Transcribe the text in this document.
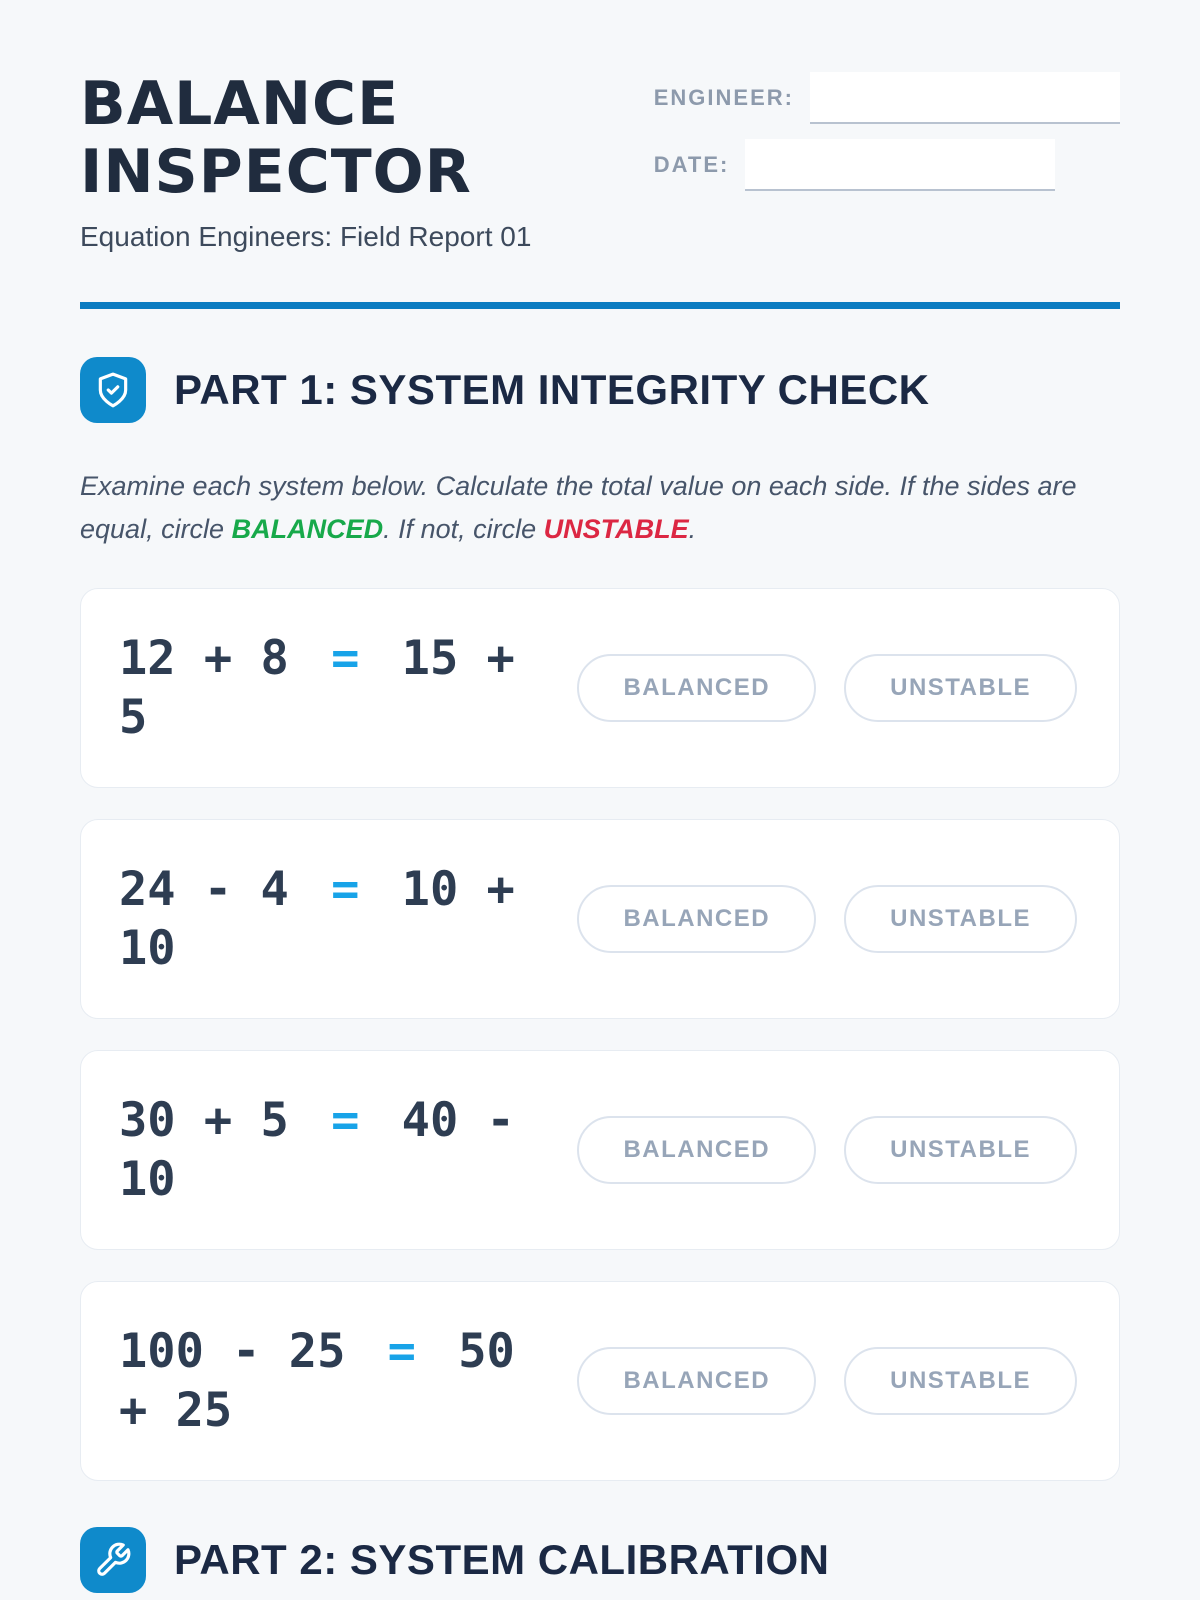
BALANCE
INSPECTOR

Equation Engineers: Field Report 01

ENGINEER:
DATE:
PART 1: SYSTEM INTEGRITY CHECK

Examine each system below. Calculate the total value on each side. If the sides are equal, circle BALANCED. If not, circle UNSTABLE.

12 + 8 = 15 + 5
BALANCED	UNSTABLE
24 - 4 = 10 + 10
BALANCED	UNSTABLE
30 + 5 = 40 - 10
BALANCED	UNSTABLE
100 - 25 = 50 + 25
BALANCED	UNSTABLE
PART 2: SYSTEM CALIBRATION
